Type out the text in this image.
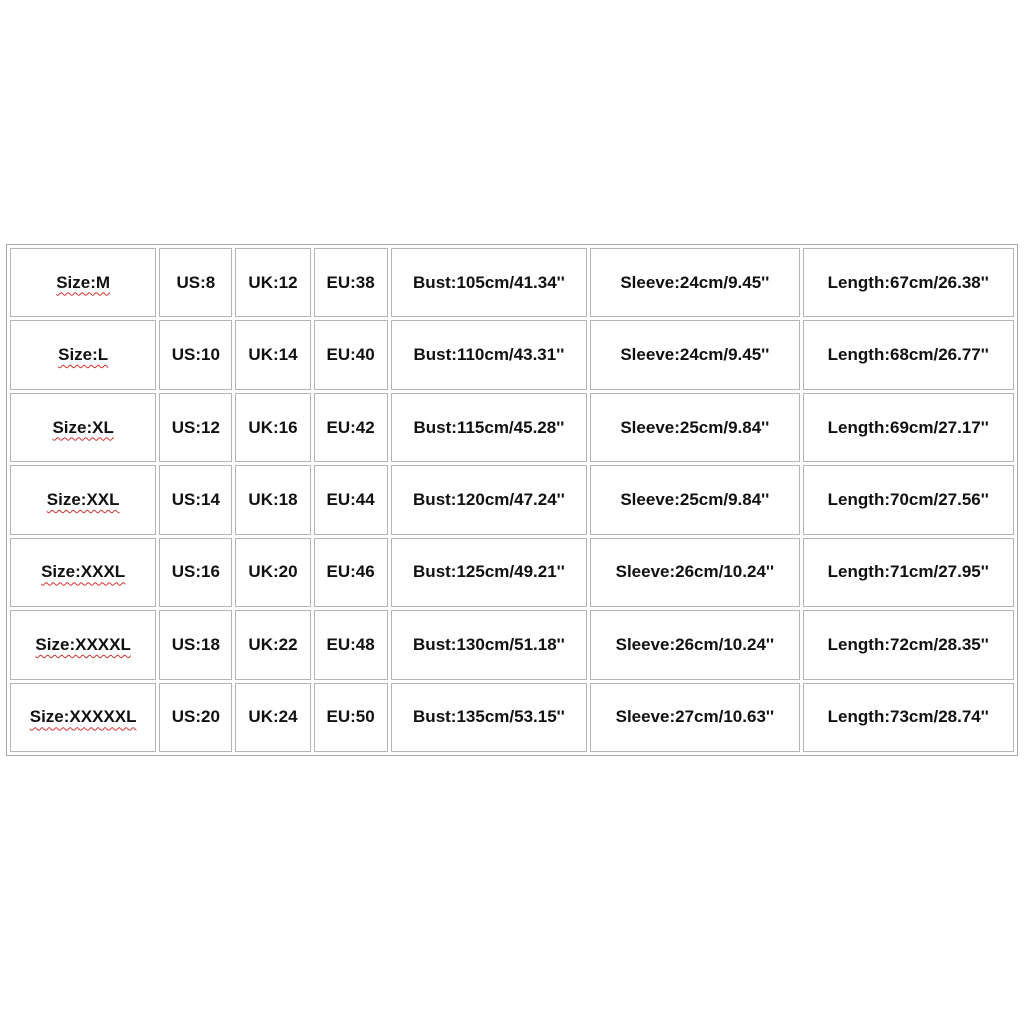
Size:M	US:8	UK:12	EU:38	Bust:105cm/41.34''	Sleeve:24cm/9.45''	Length:67cm/26.38''
Size:L	US:10	UK:14	EU:40	Bust:110cm/43.31''	Sleeve:24cm/9.45''	Length:68cm/26.77''
Size:XL	US:12	UK:16	EU:42	Bust:115cm/45.28''	Sleeve:25cm/9.84''	Length:69cm/27.17''
Size:XXL	US:14	UK:18	EU:44	Bust:120cm/47.24''	Sleeve:25cm/9.84''	Length:70cm/27.56''
Size:XXXL	US:16	UK:20	EU:46	Bust:125cm/49.21''	Sleeve:26cm/10.24''	Length:71cm/27.95''
Size:XXXXL	US:18	UK:22	EU:48	Bust:130cm/51.18''	Sleeve:26cm/10.24''	Length:72cm/28.35''
Size:XXXXXL	US:20	UK:24	EU:50	Bust:135cm/53.15''	Sleeve:27cm/10.63''	Length:73cm/28.74''
